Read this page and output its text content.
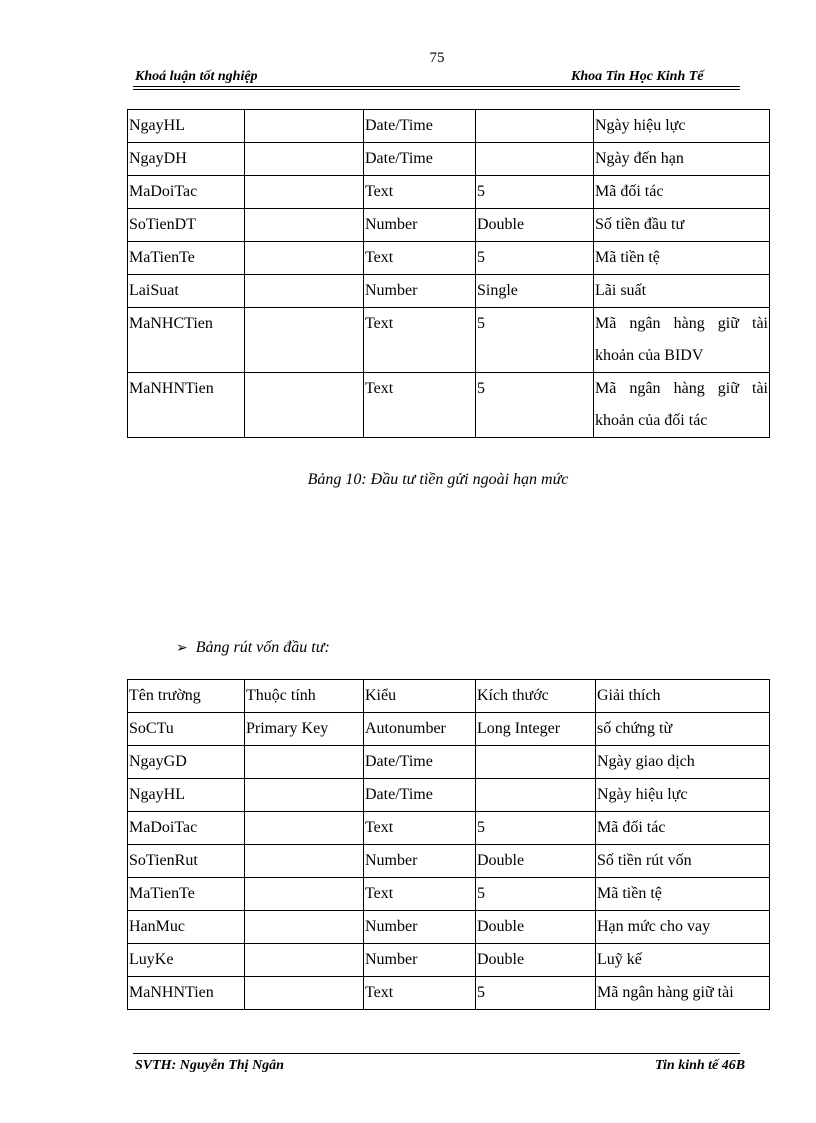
75
Khoá luận tốt nghiệp	Khoa Tin Học Kinh Tế
NgayHL		Date/Time		Ngày hiệu lực
NgayDH		Date/Time		Ngày đến hạn
MaDoiTac		Text	5	Mã đối tác
SoTienDT		Number	Double	Số tiền đầu tư
MaTienTe		Text	5	Mã tiền tệ
LaiSuat		Number	Single	Lãi suất
MaNHCTien		Text	5	Mã ngân hàng giữ tài khoản của BIDV
MaNHNTien		Text	5	Mã ngân hàng giữ tài khoản của đối tác
Bảng 10: Đầu tư tiền gửi ngoài hạn mức
➢ Bảng rút vốn đầu tư:
Tên trường	Thuộc tính	Kiểu	Kích thước	Giải thích
SoCTu	Primary Key	Autonumber	Long Integer	số chứng từ
NgayGD		Date/Time		Ngày giao dịch
NgayHL		Date/Time		Ngày hiệu lực
MaDoiTac		Text	5	Mã đối tác
SoTienRut		Number	Double	Số tiền rút vốn
MaTienTe		Text	5	Mã tiền tệ
HanMuc		Number	Double	Hạn mức cho vay
LuyKe		Number	Double	Luỹ kế
MaNHNTien		Text	5	Mã ngân hàng giữ tài
SVTH: Nguyễn Thị Ngân	Tin kinh tế 46B
